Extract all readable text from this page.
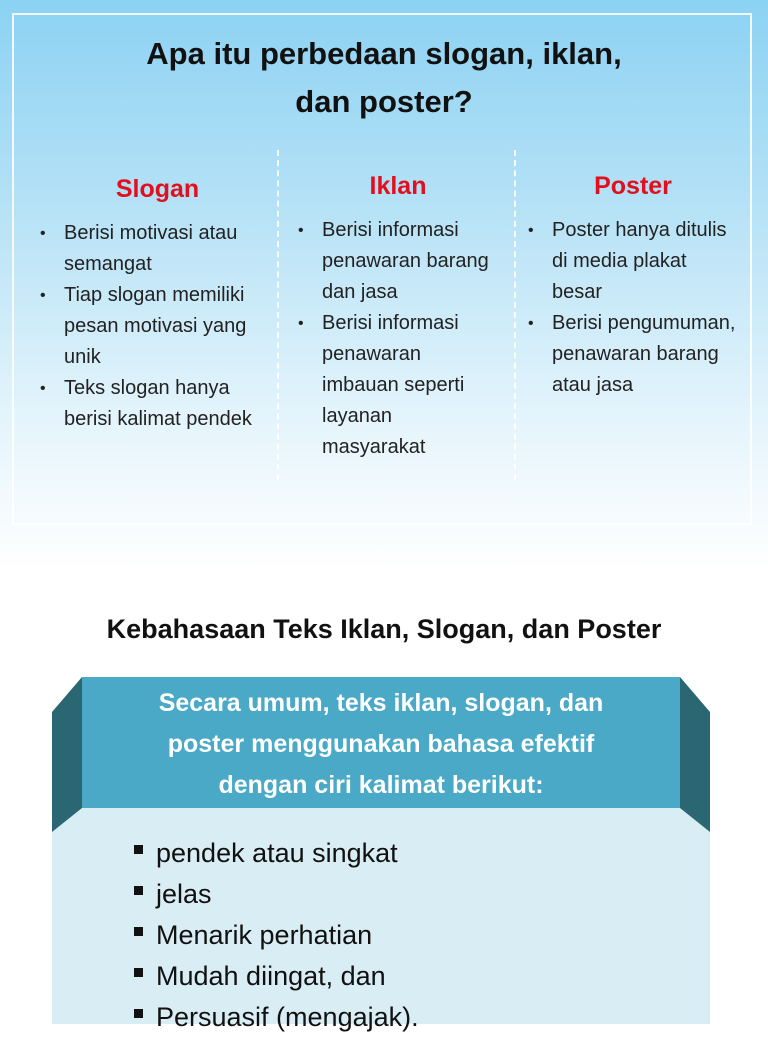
Apa itu perbedaan slogan, iklan,
dan poster?
Slogan
• Berisi motivasi atau semangat
• Tiap slogan memiliki pesan motivasi yang unik
• Teks slogan hanya berisi kalimat pendek
Iklan
• Berisi informasi penawaran barang dan jasa
• Berisi informasi penawaran imbauan seperti layanan masyarakat
Poster
• Poster hanya ditulis di media plakat besar
• Berisi pengumuman, penawaran barang atau jasa
Kebahasaan Teks Iklan, Slogan, dan Poster
Secara umum, teks iklan, slogan, dan
poster menggunakan bahasa efektif
dengan ciri kalimat berikut:
pendek atau singkat
jelas
Menarik perhatian
Mudah diingat, dan
Persuasif (mengajak).
